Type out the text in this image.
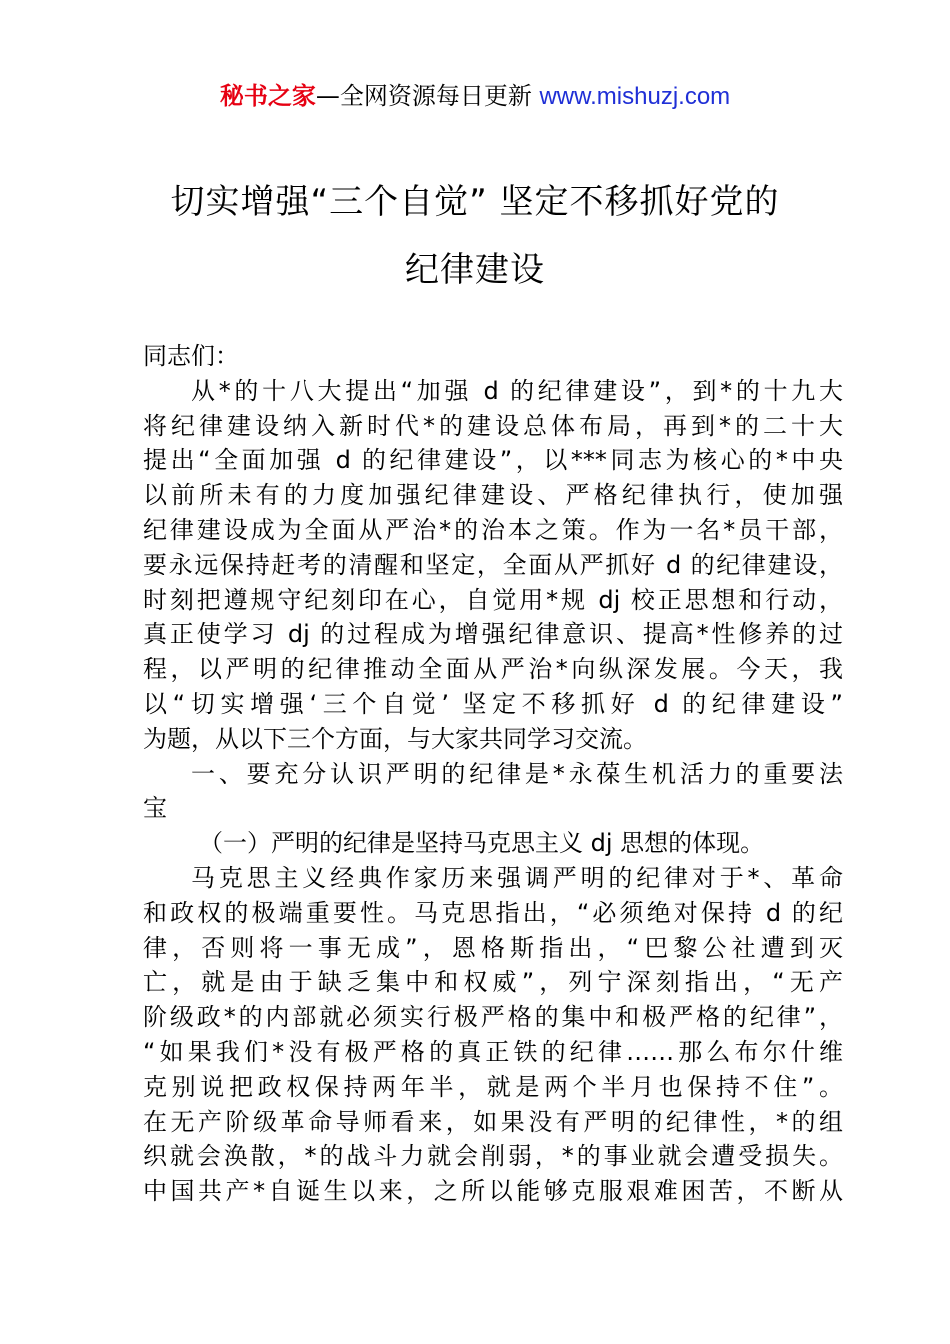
秘书之家—全网资源每日更新 www.mishuzj.com
切实增强“三个自觉” 坚定不移抓好党的
纪律建设
同志们：
从*的十八大提出“加强 d 的纪律建设”，到*的十九大
将纪律建设纳入新时代*的建设总体布局，再到*的二十大
提出“全面加强 d 的纪律建设”，以***同志为核心的*中央
以前所未有的力度加强纪律建设、严格纪律执行，使加强
纪律建设成为全面从严治*的治本之策。作为一名*员干部，
要永远保持赶考的清醒和坚定，全面从严抓好 d 的纪律建设，
时刻把遵规守纪刻印在心，自觉用*规 dj 校正思想和行动，
真正使学习 dj 的过程成为增强纪律意识、提高*性修养的过
程，以严明的纪律推动全面从严治*向纵深发展。今天，我
以“切实增强‘三个自觉’ 坚定不移抓好 d 的纪律建设”
为题，从以下三个方面，与大家共同学习交流。
一、要充分认识严明的纪律是*永葆生机活力的重要法
宝
（一）严明的纪律是坚持马克思主义 dj 思想的体现。
马克思主义经典作家历来强调严明的纪律对于*、革命
和政权的极端重要性。马克思指出，“必须绝对保持 d 的纪
律，否则将一事无成”，恩格斯指出，“巴黎公社遭到灭
亡，就是由于缺乏集中和权威”，列宁深刻指出，“无产
阶级政*的内部就必须实行极严格的集中和极严格的纪律”，
“如果我们*没有极严格的真正铁的纪律……那么布尔什维
克别说把政权保持两年半，就是两个半月也保持不住”。
在无产阶级革命导师看来，如果没有严明的纪律性，*的组
织就会涣散，*的战斗力就会削弱，*的事业就会遭受损失。
中国共产*自诞生以来，之所以能够克服艰难困苦，不断从
